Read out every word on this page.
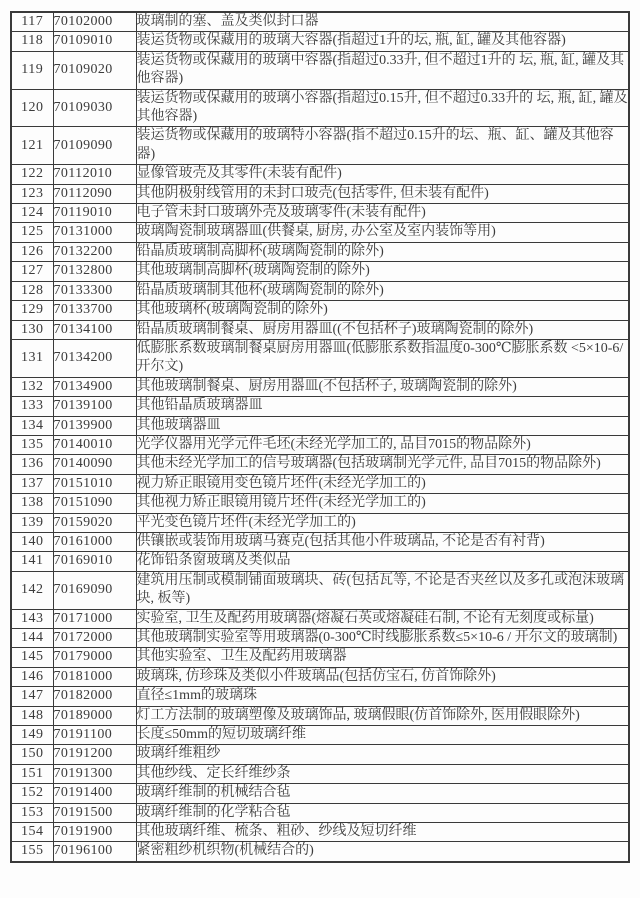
117	70102000	玻璃制的塞、盖及类似封口器
118	70109010	装运货物或保藏用的玻璃大容器(指超过1升的坛, 瓶, 缸, 罐及其他容器)
119	70109020	装运货物或保藏用的玻璃中容器(指超过0.33升, 但不超过1升的 坛, 瓶, 缸, 罐及其他容器)
120	70109030	装运货物或保藏用的玻璃小容器(指超过0.15升, 但不超过0.33升的 坛, 瓶, 缸, 罐及其他容器)
121	70109090	装运货物或保藏用的玻璃特小容器(指不超过0.15升的坛、瓶、缸、罐及其他容器)
122	70112010	显像管玻壳及其零件(未装有配件)
123	70112090	其他阴极射线管用的未封口玻壳(包括零件, 但未装有配件)
124	70119010	电子管未封口玻璃外壳及玻璃零件(未装有配件)
125	70131000	玻璃陶瓷制玻璃器皿(供餐桌, 厨房, 办公室及室内装饰等用)
126	70132200	铅晶质玻璃制高脚杯(玻璃陶瓷制的除外)
127	70132800	其他玻璃制高脚杯(玻璃陶瓷制的除外)
128	70133300	铅晶质玻璃制其他杯(玻璃陶瓷制的除外)
129	70133700	其他玻璃杯(玻璃陶瓷制的除外)
130	70134100	铅晶质玻璃制餐桌、厨房用器皿((不包括杯子)玻璃陶瓷制的除外)
131	70134200	低膨胀系数玻璃制餐桌厨房用器皿(低膨胀系数指温度0-300℃膨胀系数 <5×10-6/开尔文)
132	70134900	其他玻璃制餐桌、厨房用器皿(不包括杯子, 玻璃陶瓷制的除外)
133	70139100	其他铅晶质玻璃器皿
134	70139900	其他玻璃器皿
135	70140010	光学仪器用光学元件毛坯(未经光学加工的, 品目7015的物品除外)
136	70140090	其他未经光学加工的信号玻璃器(包括玻璃制光学元件, 品目7015的物品除外)
137	70151010	视力矫正眼镜用变色镜片坯件(未经光学加工的)
138	70151090	其他视力矫正眼镜用镜片坯件(未经光学加工的)
139	70159020	平光变色镜片坯件(未经光学加工的)
140	70161000	供镶嵌或装饰用玻璃马赛克(包括其他小件玻璃品, 不论是否有衬背)
141	70169010	花饰铅条窗玻璃及类似品
142	70169090	建筑用压制或模制铺面玻璃块、砖(包括瓦等, 不论是否夹丝以及多孔或泡沫玻璃块, 板等)
143	70171000	实验室, 卫生及配药用玻璃器(熔凝石英或熔凝硅石制, 不论有无刻度或标量)
144	70172000	其他玻璃制实验室等用玻璃器(0-300℃时线膨胀系数≤5×10-6 / 开尔文的玻璃制)
145	70179000	其他实验室、卫生及配药用玻璃器
146	70181000	玻璃珠, 仿珍珠及类似小件玻璃品(包括仿宝石, 仿首饰除外)
147	70182000	直径≤1mm的玻璃珠
148	70189000	灯工方法制的玻璃塑像及玻璃饰品, 玻璃假眼(仿首饰除外, 医用假眼除外)
149	70191100	长度≤50mm的短切玻璃纤维
150	70191200	玻璃纤维粗纱
151	70191300	其他纱线、定长纤维纱条
152	70191400	玻璃纤维制的机械结合毡
153	70191500	玻璃纤维制的化学粘合毡
154	70191900	其他玻璃纤维、梳条、粗砂、纱线及短切纤维
155	70196100	紧密粗纱机织物(机械结合的)
